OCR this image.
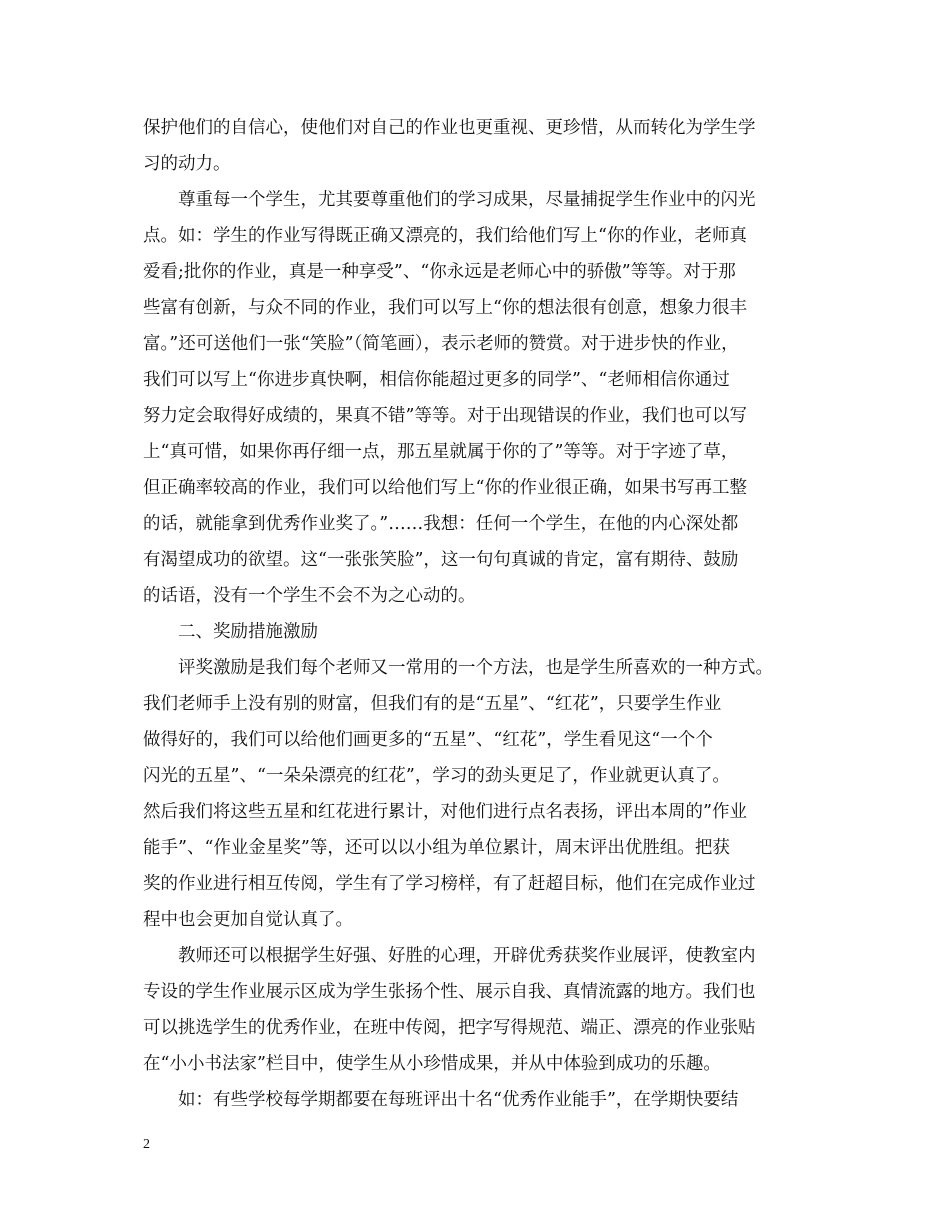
保护他们的自信心，使他们对自己的作业也更重视、更珍惜，从而转化为学生学
习的动力。
尊重每一个学生，尤其要尊重他们的学习成果，尽量捕捉学生作业中的闪光
点。如：学生的作业写得既正确又漂亮的，我们给他们写上“你的作业，老师真
爱看;批你的作业，真是一种享受”、“你永远是老师心中的骄傲”等等。对于那
些富有创新，与众不同的作业，我们可以写上“你的想法很有创意，想象力很丰
富。”还可送他们一张“笑脸”（简笔画），表示老师的赞赏。对于进步快的作业，
我们可以写上“你进步真快啊，相信你能超过更多的同学”、“老师相信你通过
努力定会取得好成绩的，果真不错”等等。对于出现错误的作业，我们也可以写
上“真可惜，如果你再仔细一点，那五星就属于你的了”等等。对于字迹了草，
但正确率较高的作业，我们可以给他们写上“你的作业很正确，如果书写再工整
的话，就能拿到优秀作业奖了。”……我想：任何一个学生，在他的内心深处都
有渴望成功的欲望。这“一张张笑脸”，这一句句真诚的肯定，富有期待、鼓励
的话语，没有一个学生不会不为之心动的。
二、奖励措施激励
评奖激励是我们每个老师又一常用的一个方法，也是学生所喜欢的一种方式。
我们老师手上没有别的财富，但我们有的是“五星”、“红花”，只要学生作业
做得好的，我们可以给他们画更多的“五星”、“红花”，学生看见这“一个个
闪光的五星”、“一朵朵漂亮的红花”，学习的劲头更足了，作业就更认真了。
然后我们将这些五星和红花进行累计，对他们进行点名表扬，评出本周的”作业
能手”、“作业金星奖”等，还可以以小组为单位累计，周末评出优胜组。把获
奖的作业进行相互传阅，学生有了学习榜样，有了赶超目标，他们在完成作业过
程中也会更加自觉认真了。
教师还可以根据学生好强、好胜的心理，开辟优秀获奖作业展评，使教室内
专设的学生作业展示区成为学生张扬个性、展示自我、真情流露的地方。我们也
可以挑选学生的优秀作业，在班中传阅，把字写得规范、端正、漂亮的作业张贴
在“小小书法家”栏目中，使学生从小珍惜成果，并从中体验到成功的乐趣。
如：有些学校每学期都要在每班评出十名“优秀作业能手”，在学期快要结
2
